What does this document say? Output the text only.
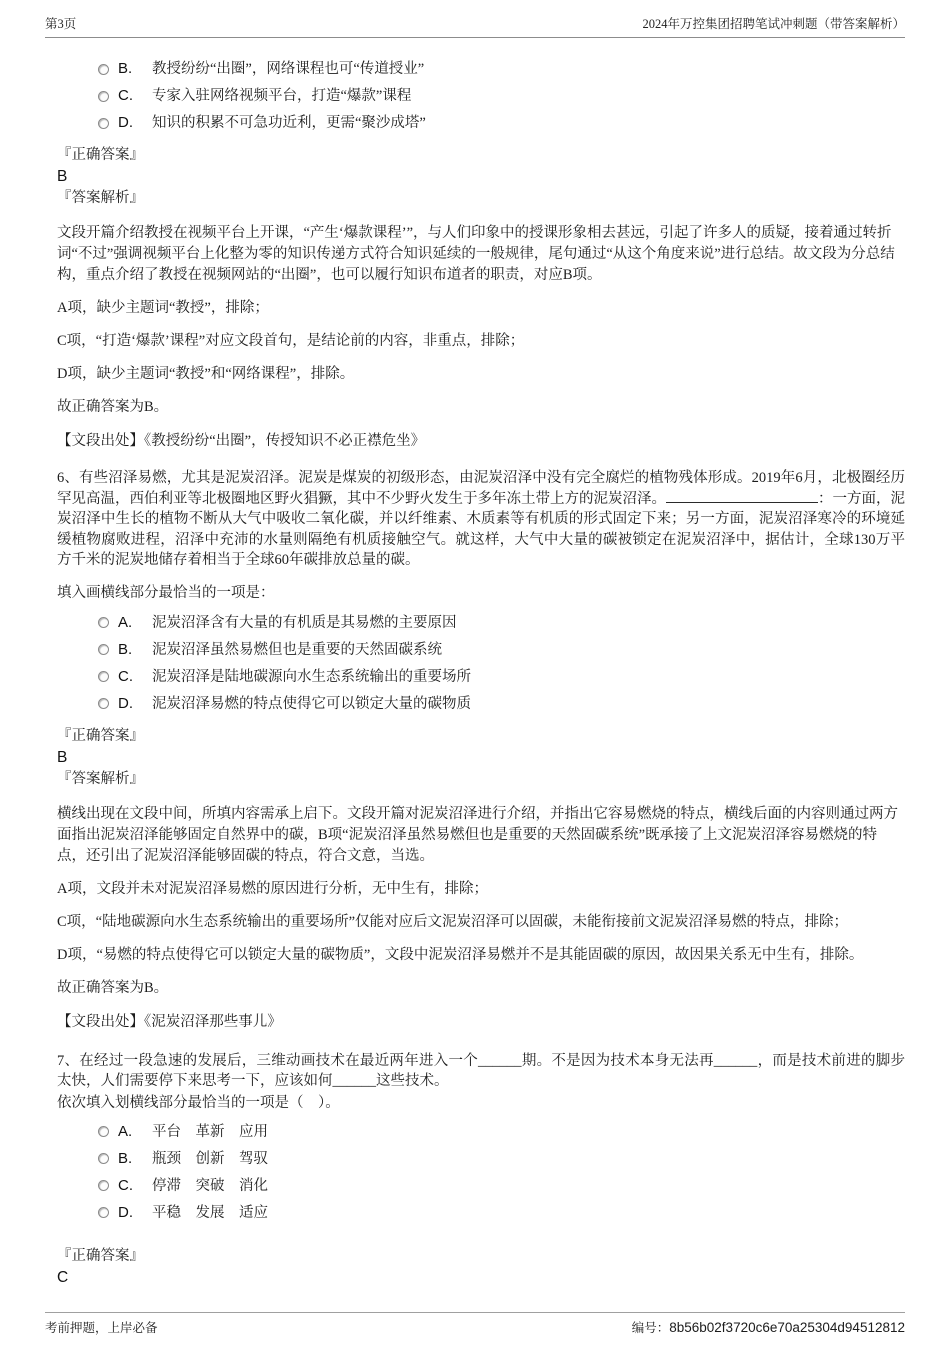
第3页	2024年万控集团招聘笔试冲刺题（带答案解析）
B.	教授纷纷“出圈”，网络课程也可“传道授业”
C.	专家入驻网络视频平台，打造“爆款”课程
D.	知识的积累不可急功近利，更需“聚沙成塔”
『正确答案』
B
『答案解析』

文段开篇介绍教授在视频平台上开课，“产生‘爆款课程’”，与人们印象中的授课形象相去甚远，引起了许多人的质疑，接着通过转折词“不过”强调视频平台上化整为零的知识传递方式符合知识延续的一般规律，尾句通过“从这个角度来说”进行总结。故文段为分总结构，重点介绍了教授在视频网站的“出圈”，也可以履行知识布道者的职责，对应B项。

A项，缺少主题词“教授”，排除；

C项，“打造‘爆款’课程”对应文段首句，是结论前的内容，非重点，排除；

D项，缺少主题词“教授”和“网络课程”，排除。

故正确答案为B。

【文段出处】《教授纷纷“出圈”，传授知识不必正襟危坐》

6、有些沼泽易燃，尤其是泥炭沼泽。泥炭是煤炭的初级形态，由泥炭沼泽中没有完全腐烂的植物残体形成。2019年6月，北极圈经历罕见高温，西伯利亚等北极圈地区野火猖獗，其中不少野火发生于多年冻土带上方的泥炭沼泽。	：一方面，泥炭沼泽中生长的植物不断从大气中吸收二氧化碳，并以纤维素、木质素等有机质的形式固定下来；另一方面，泥炭沼泽寒冷的环境延缓植物腐败进程，沼泽中充沛的水量则隔绝有机质接触空气。就这样，大气中大量的碳被锁定在泥炭沼泽中，据估计，全球130万平方千米的泥炭地储存着相当于全球60年碳排放总量的碳。

填入画横线部分最恰当的一项是：

A.	泥炭沼泽含有大量的有机质是其易燃的主要原因
B.	泥炭沼泽虽然易燃但也是重要的天然固碳系统
C.	泥炭沼泽是陆地碳源向水生态系统输出的重要场所
D.	泥炭沼泽易燃的特点使得它可以锁定大量的碳物质
『正确答案』
B
『答案解析』

横线出现在文段中间，所填内容需承上启下。文段开篇对泥炭沼泽进行介绍，并指出它容易燃烧的特点，横线后面的内容则通过两方面指出泥炭沼泽能够固定自然界中的碳，B项“泥炭沼泽虽然易燃但也是重要的天然固碳系统”既承接了上文泥炭沼泽容易燃烧的特点，还引出了泥炭沼泽能够固碳的特点，符合文意，当选。

A项，文段并未对泥炭沼泽易燃的原因进行分析，无中生有，排除；

C项，“陆地碳源向水生态系统输出的重要场所”仅能对应后文泥炭沼泽可以固碳，未能衔接前文泥炭沼泽易燃的特点，排除；

D项，“易燃的特点使得它可以锁定大量的碳物质”，文段中泥炭沼泽易燃并不是其能固碳的原因，故因果关系无中生有，排除。

故正确答案为B。

【文段出处】《泥炭沼泽那些事儿》

7、在经过一段急速的发展后，三维动画技术在最近两年进入一个______期。不是因为技术本身无法再______，而是技术前进的脚步太快，人们需要停下来思考一下，应该如何______这些技术。

依次填入划横线部分最恰当的一项是（　）。

A.	平台　革新　应用
B.	瓶颈　创新　驾驭
C.	停滞　突破　消化
D.	平稳　发展　适应
『正确答案』
C
考前押题，上岸必备	编号： 8b56b02f3720c6e70a25304d94512812
